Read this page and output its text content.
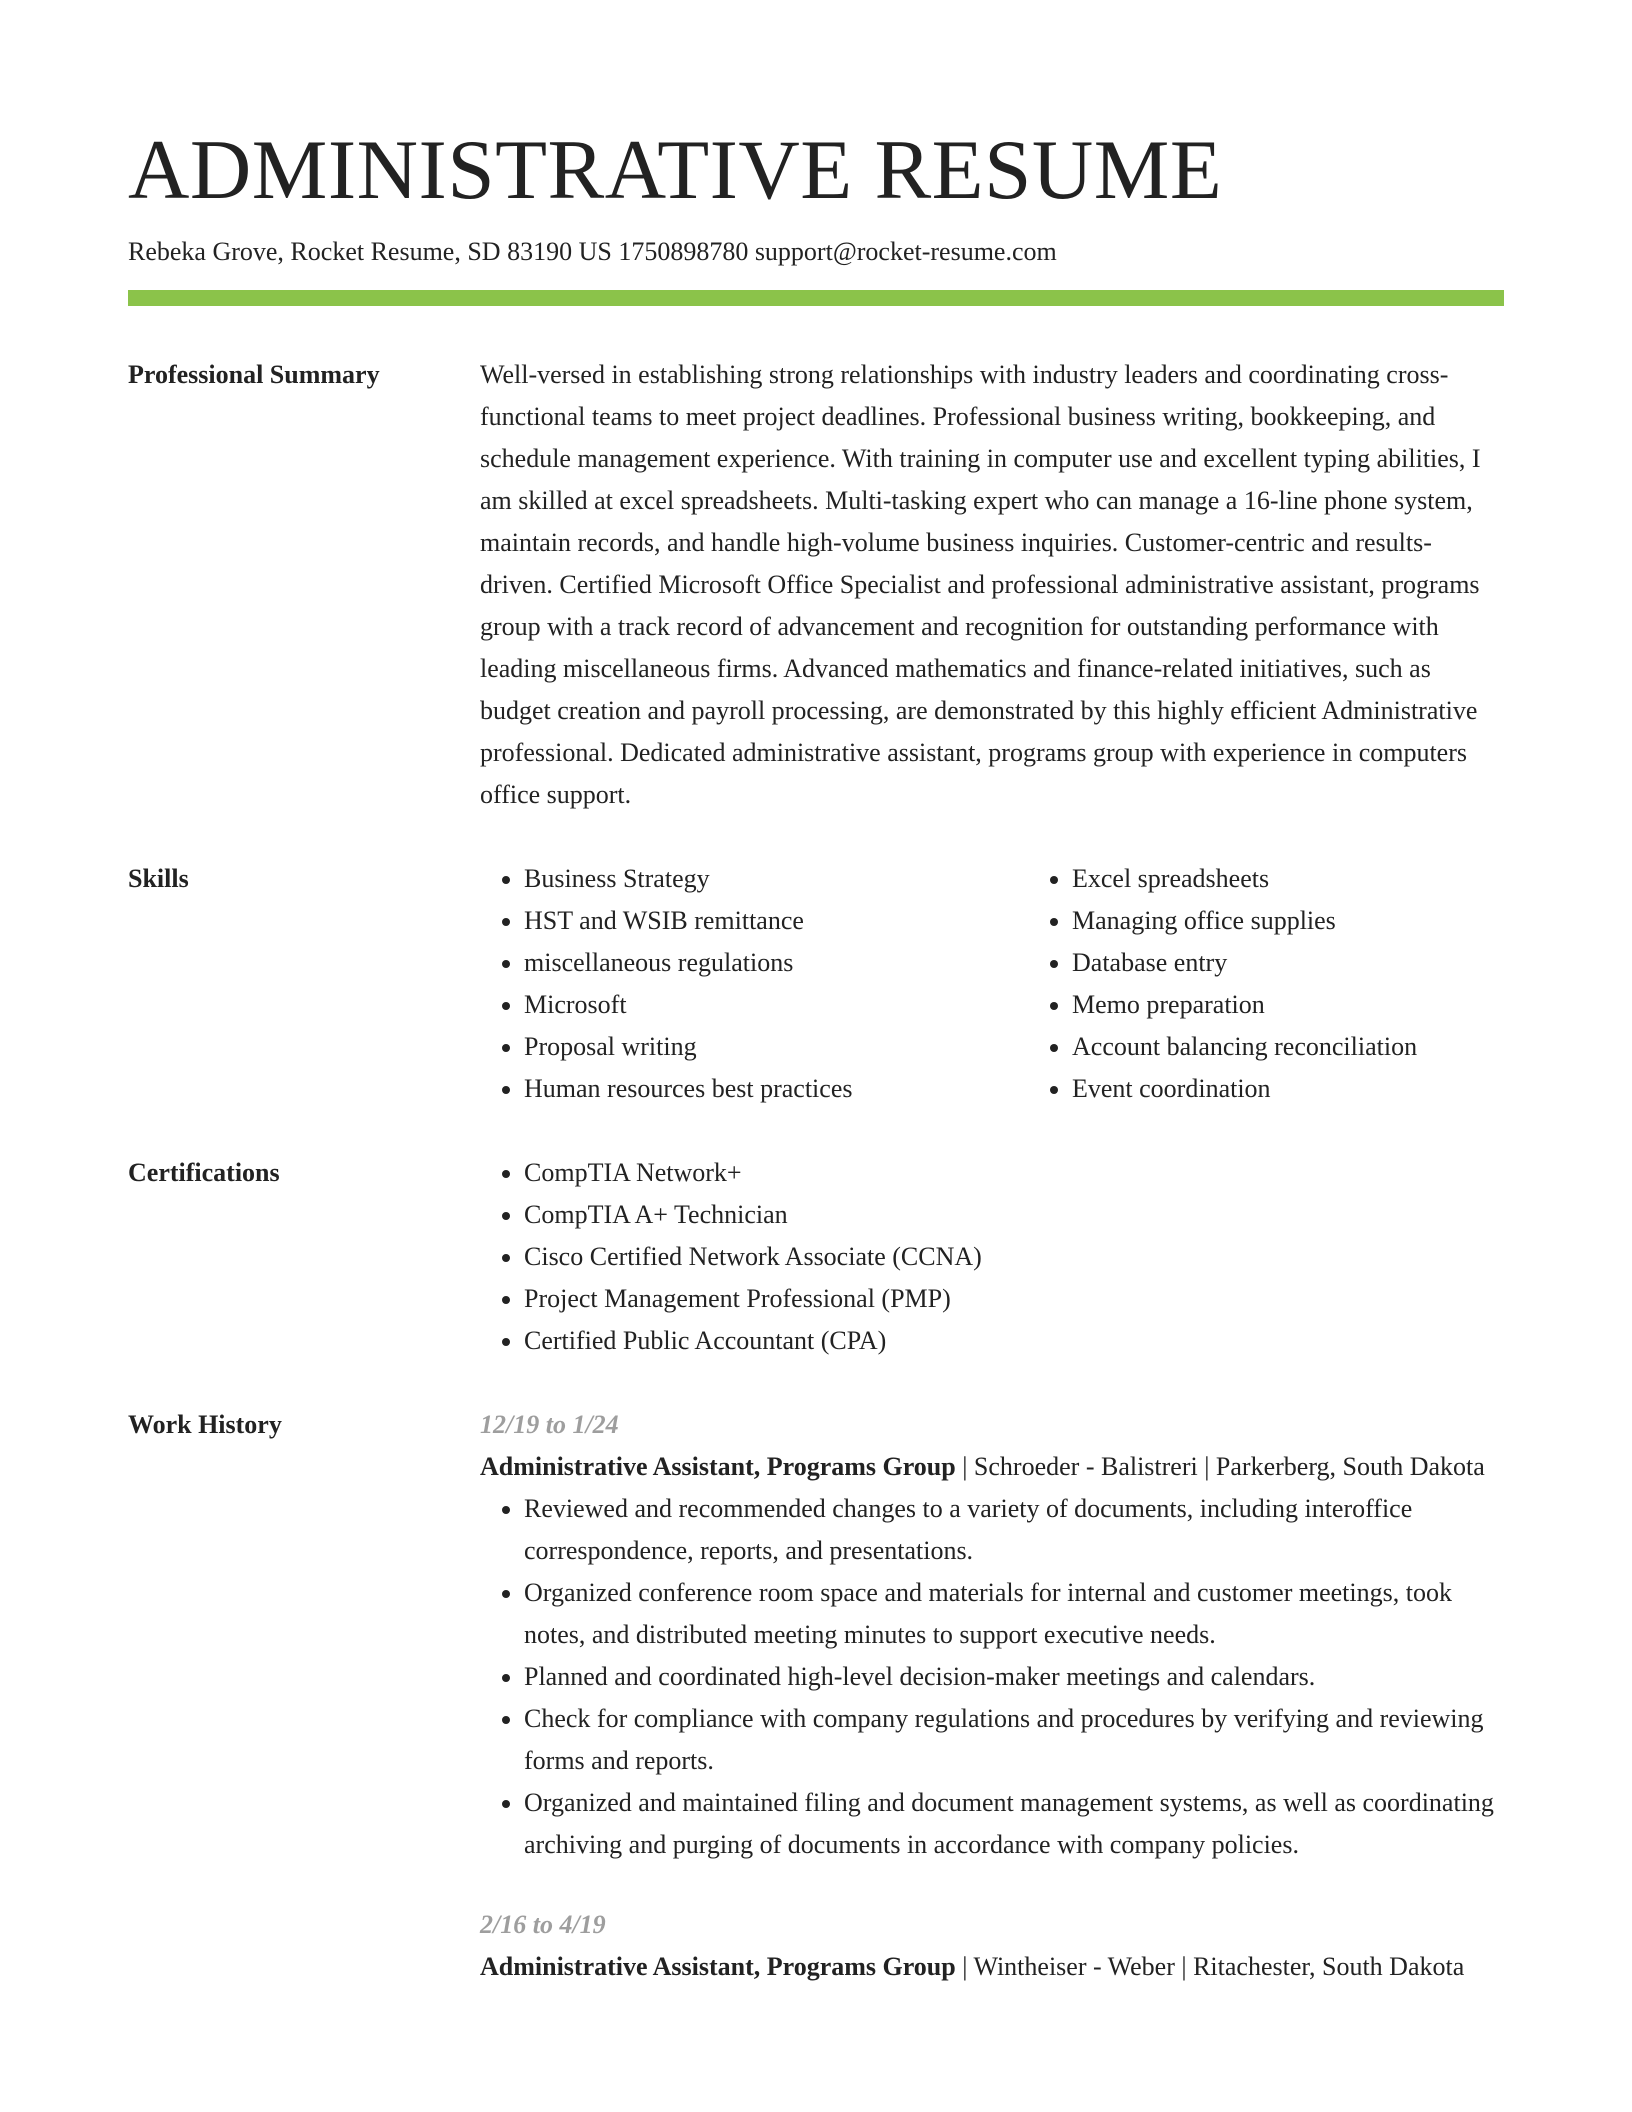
ADMINISTRATIVE RESUME
Rebeka Grove, Rocket Resume, SD 83190 US 1750898780 support@rocket-resume.com
Professional Summary	Well-versed in establishing strong relationships with industry leaders and coordinating cross-functional teams to meet project deadlines. Professional business writing, bookkeeping, and schedule management experience. With training in computer use and excellent typing abilities, I am skilled at excel spreadsheets. Multi-tasking expert who can manage a 16-line phone system, maintain records, and handle high-volume business inquiries. Customer-centric and results-driven. Certified Microsoft Office Specialist and professional administrative assistant, programs group with a track record of advancement and recognition for outstanding performance with leading miscellaneous firms. Advanced mathematics and finance-related initiatives, such as budget creation and payroll processing, are demonstrated by this highly efficient Administrative professional. Dedicated administrative assistant, programs group with experience in computers office support.

Skills	• Business Strategy
• HST and WSIB remittance
• miscellaneous regulations
• Microsoft
• Proposal writing
• Human resources best practices
• Excel spreadsheets
• Managing office supplies
• Database entry
• Memo preparation
• Account balancing reconciliation
• Event coordination
Certifications	• CompTIA Network+
• CompTIA A+ Technician
• Cisco Certified Network Associate (CCNA)
• Project Management Professional (PMP)
• Certified Public Accountant (CPA)
Work History	12/19 to 1/24
Administrative Assistant, Programs Group | Schroeder - Balistreri | Parkerberg, South Dakota
• Reviewed and recommended changes to a variety of documents, including interoffice correspondence, reports, and presentations.
• Organized conference room space and materials for internal and customer meetings, took notes, and distributed meeting minutes to support executive needs.
• Planned and coordinated high-level decision-maker meetings and calendars.
• Check for compliance with company regulations and procedures by verifying and reviewing forms and reports.
• Organized and maintained filing and document management systems, as well as coordinating archiving and purging of documents in accordance with company policies.
2/16 to 4/19
Administrative Assistant, Programs Group | Wintheiser - Weber | Ritachester, South Dakota
